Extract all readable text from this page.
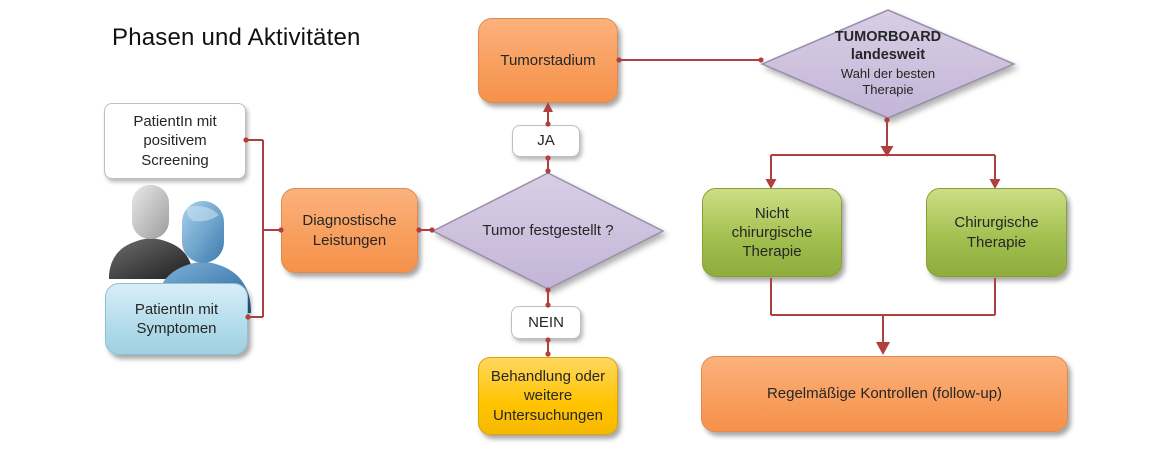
Phasen und Aktivitäten
PatientIn mit positivem Screening
PatientIn mit Symptomen
Diagnostische Leistungen
Tumorstadium
JA
Tumor festgestellt ?
TUMORBOARD landesweit
Wahl der besten Therapie
Nicht chirurgische Therapie
Chirurgische Therapie
NEIN
Behandlung oder weitere Untersuchungen
Regelmäßige Kontrollen (follow-up)
